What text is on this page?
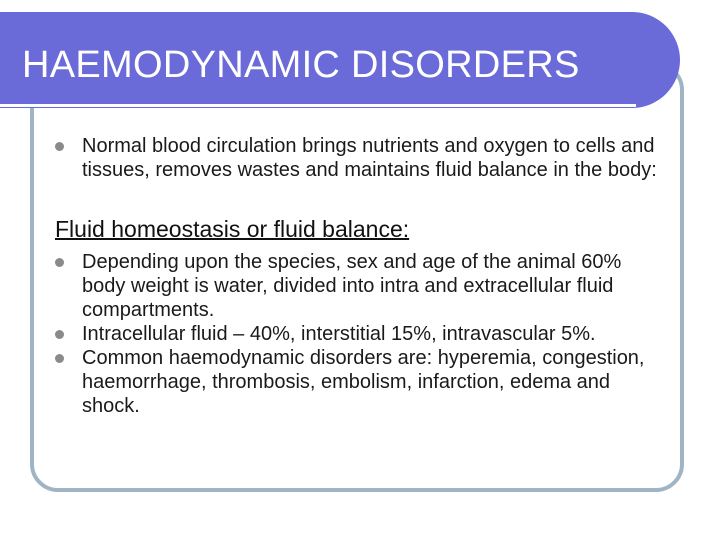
HAEMODYNAMIC DISORDERS
Normal blood circulation brings nutrients and oxygen to cells and tissues, removes wastes and maintains fluid balance in the body:
Fluid homeostasis or fluid balance:
Depending upon the species, sex and age of the animal 60% body weight is water, divided into intra and extracellular fluid compartments.
Intracellular fluid – 40%, interstitial 15%, intravascular 5%.
Common haemodynamic disorders are: hyperemia, congestion, haemorrhage, thrombosis, embolism, infarction, edema and shock.
